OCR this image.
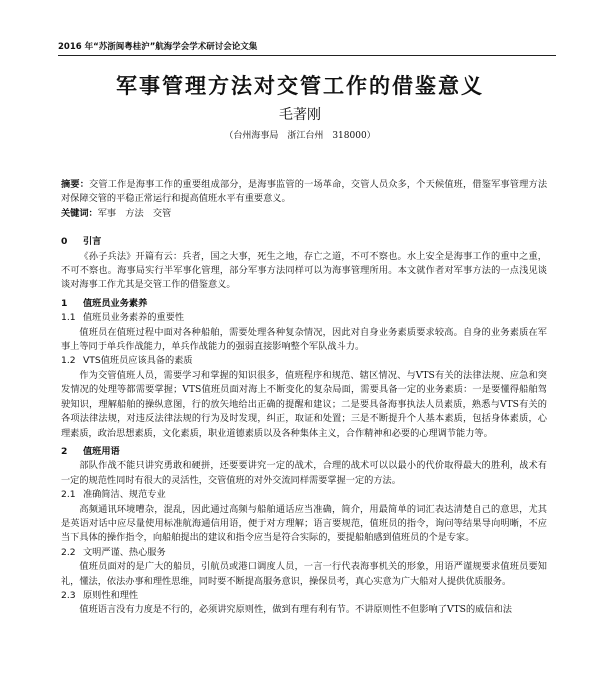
2016 年“苏浙闽粤桂沪”航海学会学术研讨会论文集
军事管理方法对交管工作的借鉴意义
毛著刚
（台州海事局　浙江台州　318000）

摘要：交管工作是海事工作的重要组成部分，是海事监管的一场革命，交管人员众多，个天候值班，借鉴军事管理方法对保障交管的平稳正常运行和提高值班水平有重要意义。

关键词：军事　方法　交管

0 引言

《孙子兵法》开篇有云：兵者，国之大事，死生之地，存亡之道，不可不察也。水上安全是海事工作的重中之重，不可不察也。海事局实行半军事化管理，部分军事方法同样可以为海事管理所用。本文就作者对军事方法的一点浅见谈谈对海事工作尤其是交管工作的借鉴意义。

1 值班员业务素养
1.1 值班员业务素养的重要性

值班员在值班过程中面对各种船舶，需要处理各种复杂情况，因此对自身业务素质要求较高。自身的业务素质在军事上等同于单兵作战能力，单兵作战能力的强弱直接影响整个军队战斗力。

1.2 VTS值班员应该具备的素质

作为交管值班人员，需要学习和掌握的知识很多，值班程序和规范、辖区情况、与VTS有关的法律法规、应急和突发情况的处理等都需要掌握；VTS值班员面对海上不断变化的复杂局面，需要具备一定的业务素质：一是要懂得船舶驾驶知识，理解船舶的操纵意图，行的放矢地给出正确的提醒和建议；二是要具备海事执法人员素质，熟悉与VTS有关的各项法律法规，对违反法律法规的行为及时发现，纠正，取证和处置；三是不断提升个人基本素质，包括身体素质，心理素质，政治思想素质，文化素质，职业道德素质以及各种集体主义，合作精神和必要的心理调节能力等。

2 值班用语

部队作战不能只讲究勇敢和硬拼，还要要讲究一定的战术，合理的战术可以以最小的代价取得最大的胜利，战术有一定的规范性同时有很大的灵活性，交管值班的对外交流同样需要掌握一定的方法。

2.1 准确简洁、规范专业

高频通讯环境嘈杂，混乱，因此通过高频与船舶通话应当准确，简介，用最简单的词汇表达清楚自己的意思，尤其是英语对话中应尽量使用标准航海通信用语，便于对方理解；语言要规范，值班员的指令，询问等结果导向明晰，不应当下具体的操作指令，向船舶提出的建议和指令应当是符合实际的，要提船舶感到值班员的个是专家。

2.2 文明严谨、热心服务

值班员面对的是广大的船员，引航员或港口调度人员，一言一行代表海事机关的形象，用语严谨规要求值班员要知礼，懂法，依法办事和理性思维，同时要不断提高服务意识，操保员考，真心实意为广大船对人提供优质服务。

2.3 原则性和理性

值班语言没有力度是不行的，必须讲究原则性，做到有理有利有节。不讲原则性不但影响了VTS的威信和法
